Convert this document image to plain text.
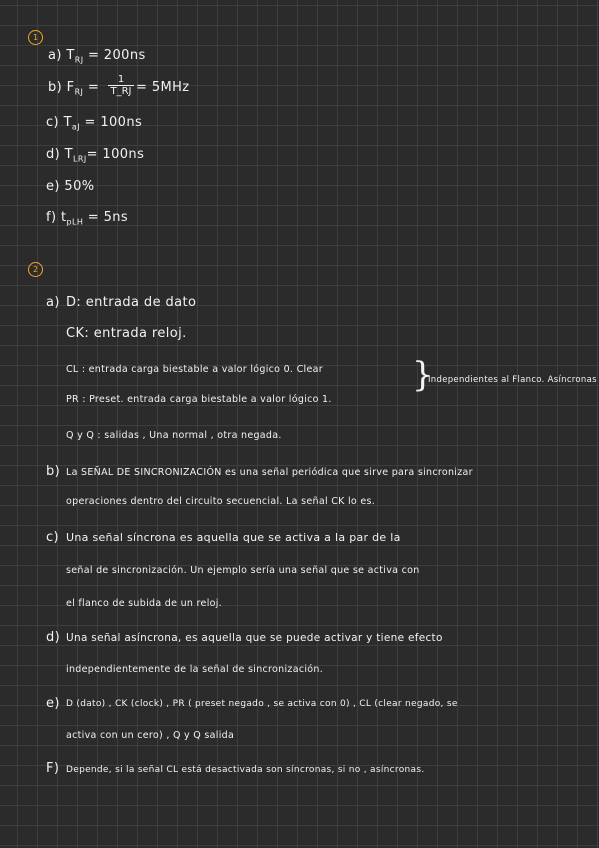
1
a) $T_{RJ} = 200ns$
b) $F_{RJ} = \frac{1}{T\_RJ} = 5MHz$
c) $T_{aJ} = 100ns$
d) $T_{LRJ}= 100ns$
e) 50%
f) $t_{pLH} = 5ns$
2
a) D: entrada de dato
CK: entrada reloj.
CL : entrada carga biestable a valor lógico 0. Clear
PR : Preset. entrada carga biestable a valor lógico 1.
}
Independientes al Flanco. Asíncronas
Q y Q : salidas , Una normal , otra negada.
b) La SEÑAL DE SINCRONIZACIÓN es una señal periódica que sirve para sincronizar
operaciones dentro del circuito secuencial. La señal CK lo es.
c) Una señal síncrona es aquella que se activa a la par de la
señal de sincronización. Un ejemplo sería una señal que se activa con
el flanco de subida de un reloj.
d) Una señal asíncrona, es aquella que se puede activar y tiene efecto
independientemente de la señal de sincronización.
e) D (dato) , CK (clock) , PR ( preset negado , se activa con 0) , CL (clear negado, se
activa con un cero) , Q y Q salida
F) Depende, si la señal CL está desactivada son síncronas, si no , asíncronas.
